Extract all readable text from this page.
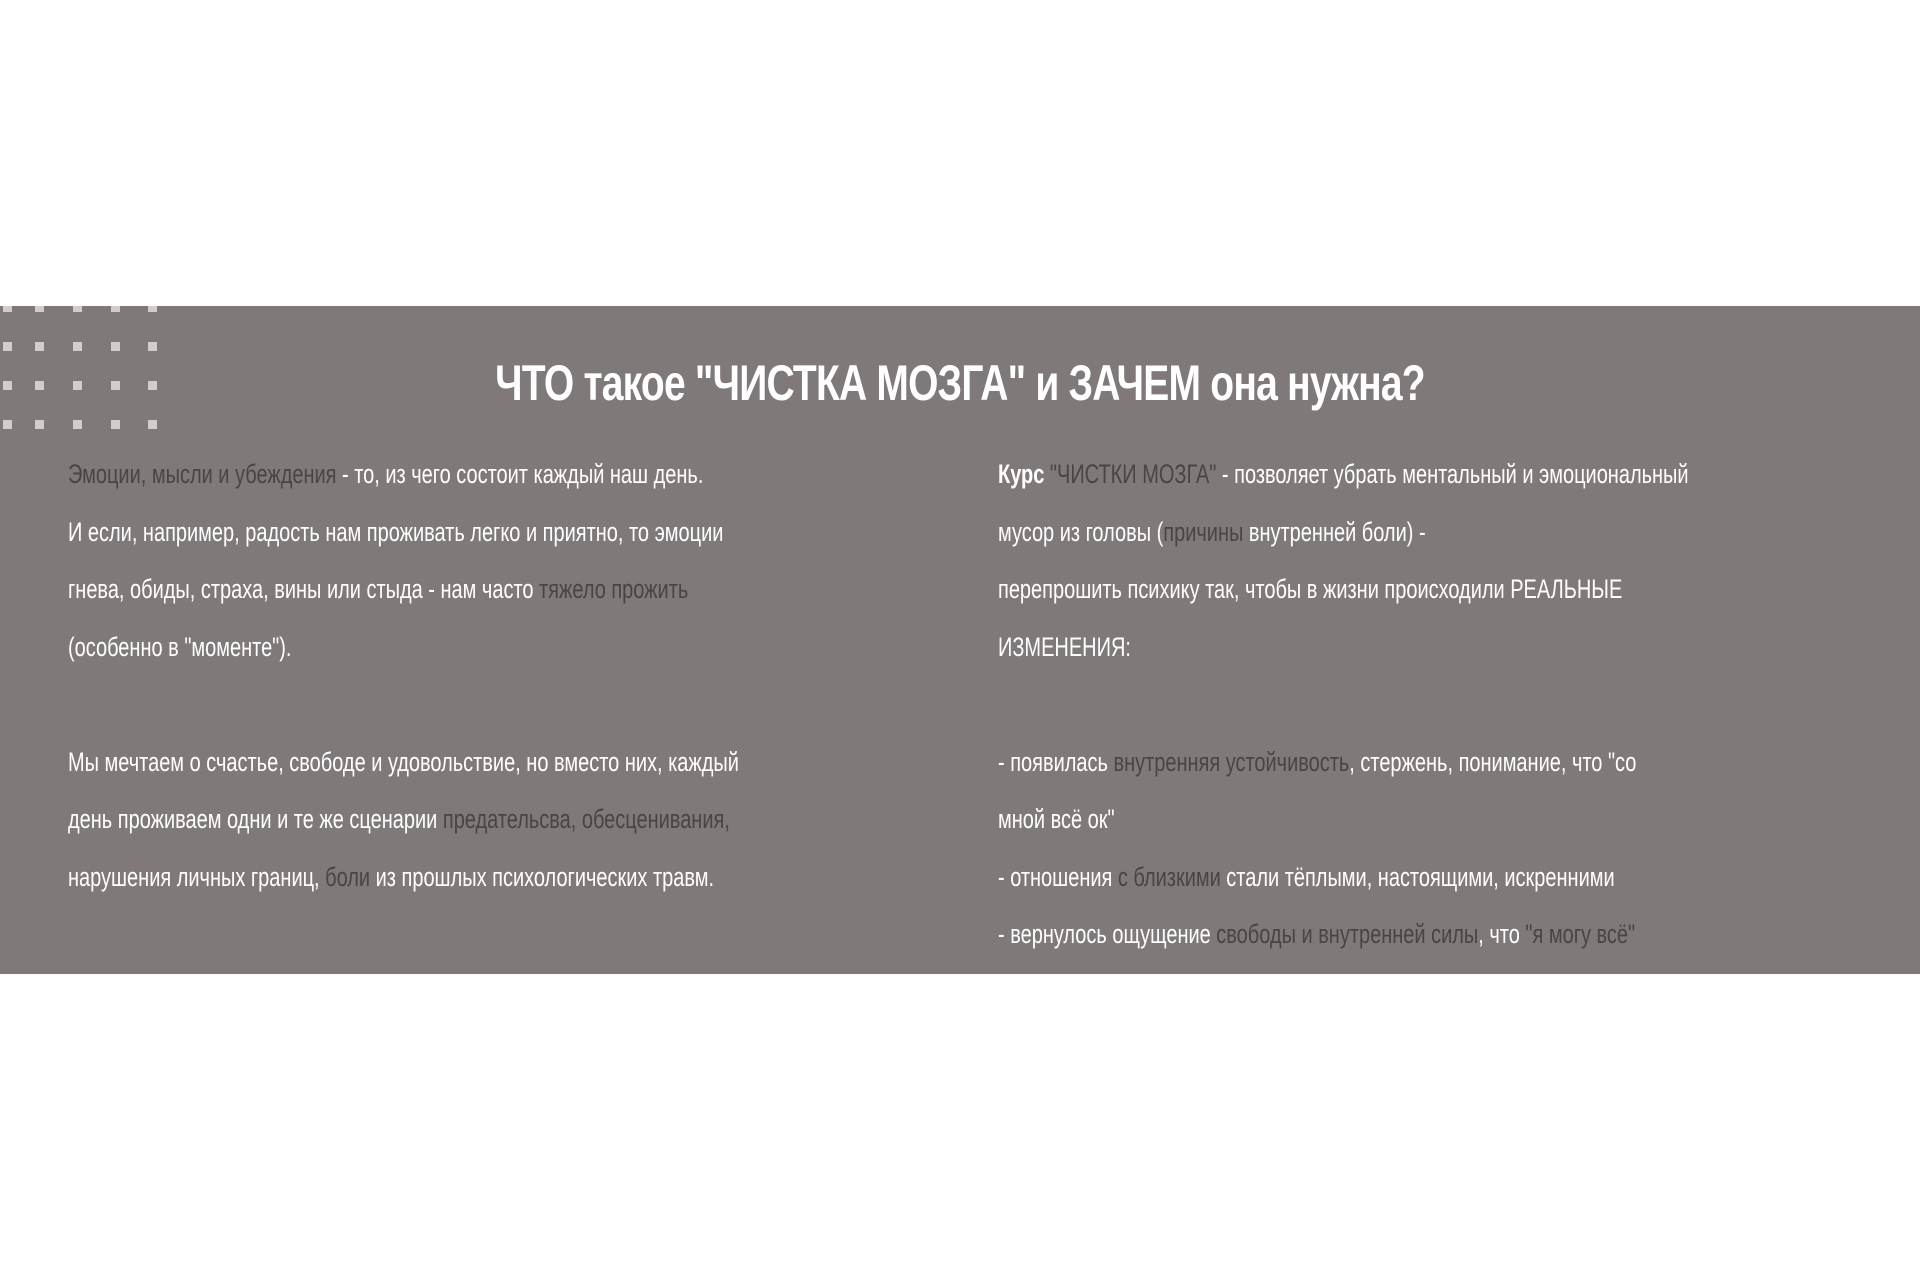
ЧТО такое "ЧИСТКА МОЗГА" и ЗАЧЕМ она нужна?
Эмоции, мысли и убеждения - то, из чего состоит каждый наш день.
И если, например, радость нам проживать легко и приятно, то эмоции
гнева, обиды, страха, вины или стыда - нам часто тяжело прожить
(особенно в "моменте").
Мы мечтаем о счастье, свободе и удовольствие, но вместо них, каждый
день проживаем одни и те же сценарии предательсва, обесценивания,
нарушения личных границ, боли из прошлых психологических травм.
Курс "ЧИСТКИ МОЗГА" - позволяет убрать ментальный и эмоциональный
мусор из головы (причины внутренней боли) -
перепрошить психику так, чтобы в жизни происходили РЕАЛЬНЫЕ
ИЗМЕНЕНИЯ:
- появилась внутренняя устойчивость, стержень, понимание, что "со
мной всё ок"
- отношения с близкими стали тёплыми, настоящими, искренними
- вернулось ощущение свободы и внутренней силы, что "я могу всё"
